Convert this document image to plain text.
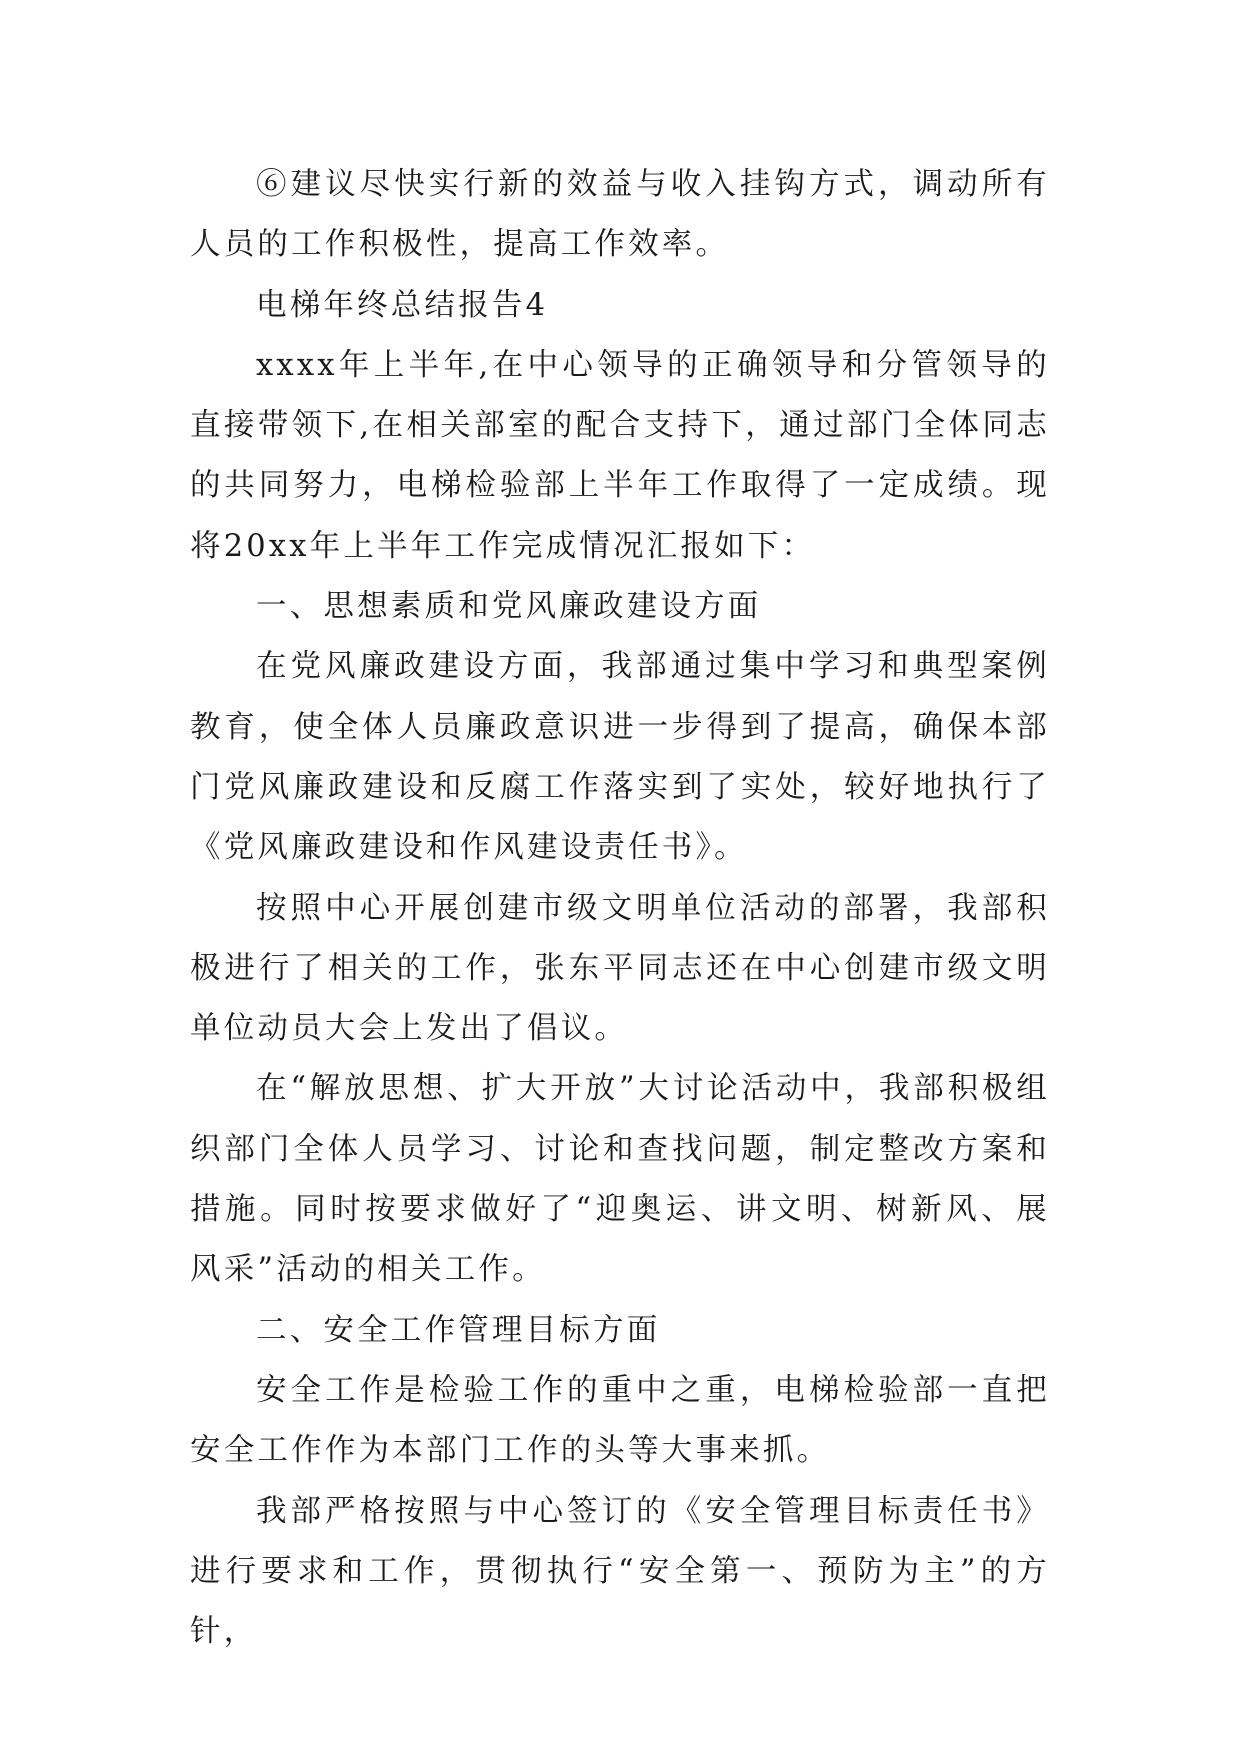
⑥建议尽快实行新的效益与收入挂钩方式，调动所有人员的工作积极性，提高工作效率。

电梯年终总结报告4

xxxx年上半年,在中心领导的正确领导和分管领导的直接带领下,在相关部室的配合支持下，通过部门全体同志的共同努力，电梯检验部上半年工作取得了一定成绩。现将20xx年上半年工作完成情况汇报如下：

一、思想素质和党风廉政建设方面

在党风廉政建设方面，我部通过集中学习和典型案例教育，使全体人员廉政意识进一步得到了提高，确保本部门党风廉政建设和反腐工作落实到了实处，较好地执行了《党风廉政建设和作风建设责任书》。

按照中心开展创建市级文明单位活动的部署，我部积极进行了相关的工作，张东平同志还在中心创建市级文明单位动员大会上发出了倡议。

在“解放思想、扩大开放”大讨论活动中，我部积极组织部门全体人员学习、讨论和查找问题，制定整改方案和措施。同时按要求做好了“迎奥运、讲文明、树新风、展风采”活动的相关工作。

二、安全工作管理目标方面

安全工作是检验工作的重中之重，电梯检验部一直把安全工作作为本部门工作的头等大事来抓。

我部严格按照与中心签订的《安全管理目标责任书》进行要求和工作，贯彻执行“安全第一、预防为主”的方针，
